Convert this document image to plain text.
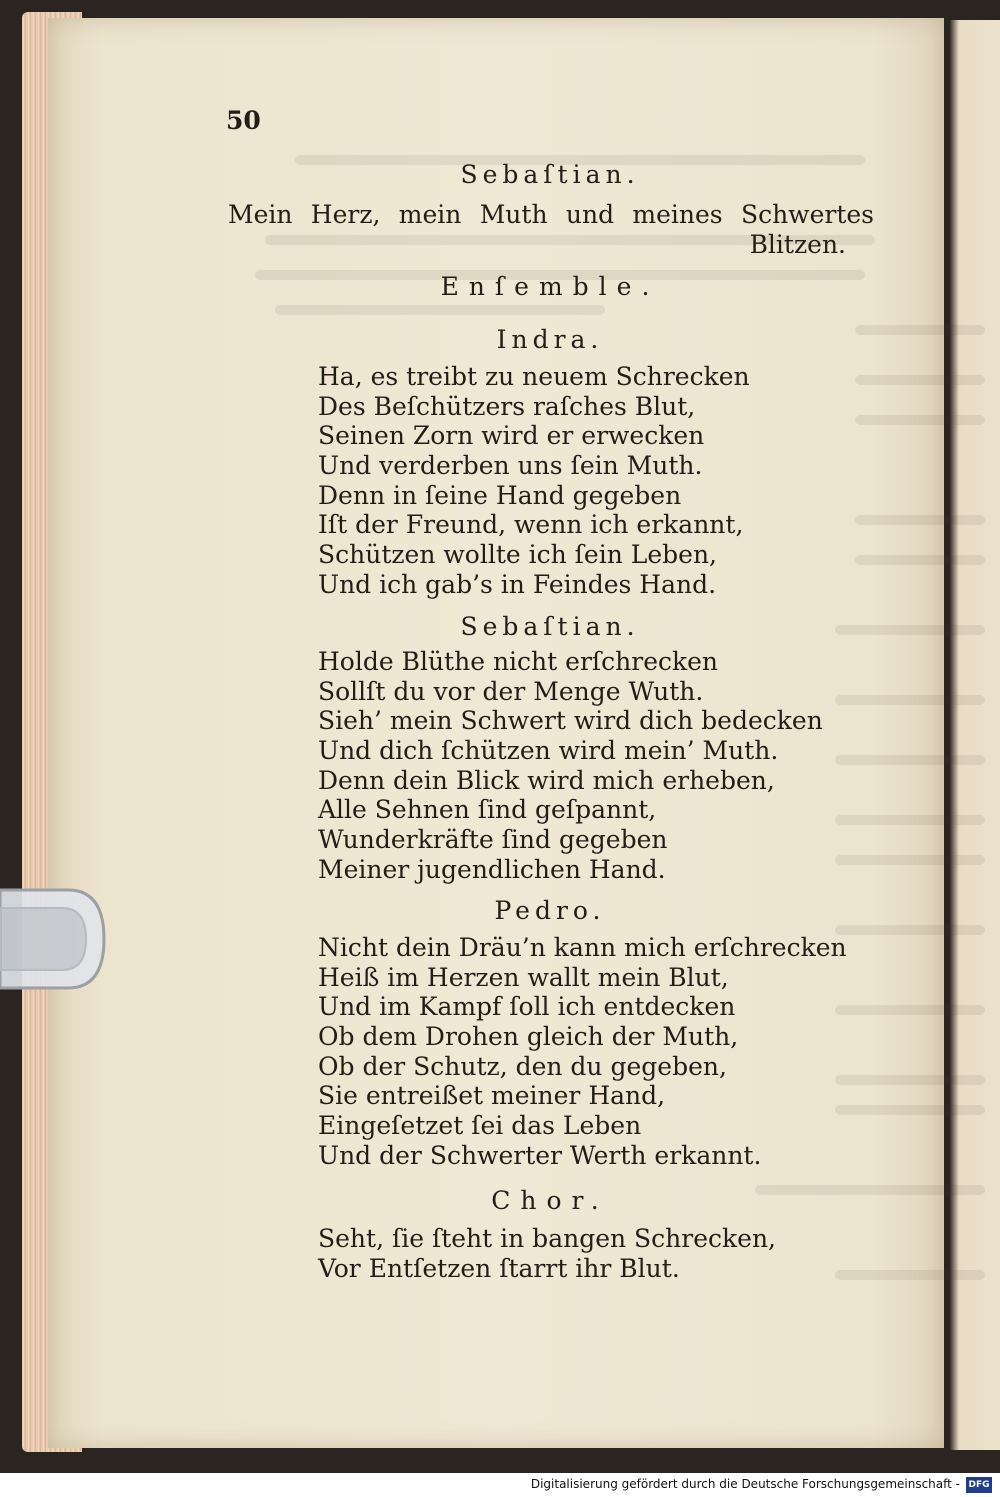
50
Sebaſtian.
Mein Herz, mein Muth und meines Schwertes
Blitzen.
Enſemble.
Indra.
Ha, es treibt zu neuem Schrecken
Des Beſchützers raſches Blut,
Seinen Zorn wird er erwecken
Und verderben uns ſein Muth.
Denn in ſeine Hand gegeben
Iſt der Freund, wenn ich erkannt,
Schützen wollte ich ſein Leben,
Und ich gab’s in Feindes Hand.
Sebaſtian.
Holde Blüthe nicht erſchrecken
Sollſt du vor der Menge Wuth.
Sieh’ mein Schwert wird dich bedecken
Und dich ſchützen wird mein’ Muth.
Denn dein Blick wird mich erheben,
Alle Sehnen ſind geſpannt,
Wunderkräfte ſind gegeben
Meiner jugendlichen Hand.
Pedro.
Nicht dein Dräu’n kann mich erſchrecken
Heiß im Herzen wallt mein Blut,
Und im Kampf ſoll ich entdecken
Ob dem Drohen gleich der Muth,
Ob der Schutz, den du gegeben,
Sie entreißet meiner Hand,
Eingeſetzet ſei das Leben
Und der Schwerter Werth erkannt.
Chor.
Seht, ſie ſteht in bangen Schrecken,
Vor Entſetzen ſtarrt ihr Blut.
Digitalisierung gefördert durch die Deutsche Forschungsgemeinschaft - DFG
